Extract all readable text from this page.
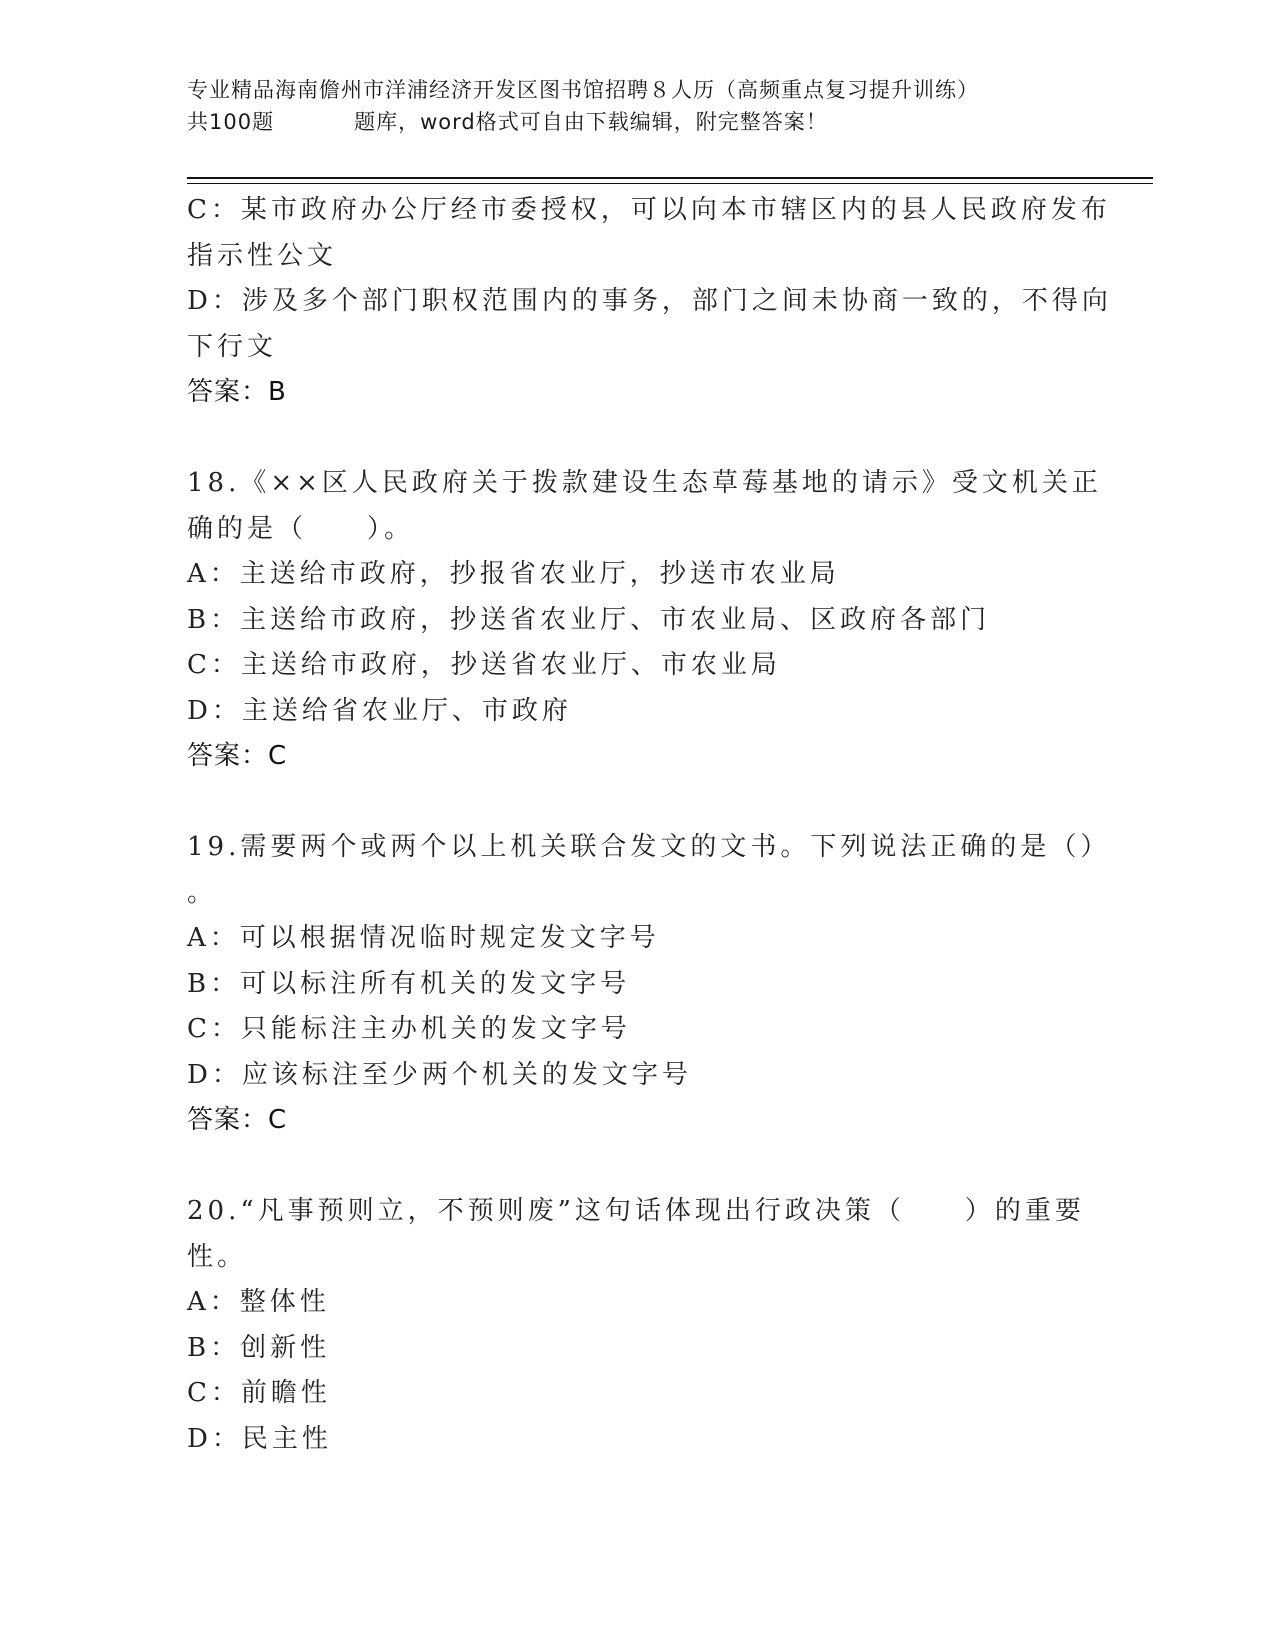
专业精品海南儋州市洋浦经济开发区图书馆招聘８人历（高频重点复习提升训练）
共100题	题库，word格式可自由下载编辑，附完整答案！
C：某市政府办公厅经市委授权，可以向本市辖区内的县人民政府发布
指示性公文
D：涉及多个部门职权范围内的事务，部门之间未协商一致的，不得向
下行文
答案：B
18.《××区人民政府关于拨款建设生态草莓基地的请示》受文机关正
确的是（　　）。
A：主送给市政府，抄报省农业厅，抄送市农业局
B：主送给市政府，抄送省农业厅、市农业局、区政府各部门
C：主送给市政府，抄送省农业厅、市农业局
D：主送给省农业厅、市政府
答案：C
19.需要两个或两个以上机关联合发文的文书。下列说法正确的是（）
。
A：可以根据情况临时规定发文字号
B：可以标注所有机关的发文字号
C：只能标注主办机关的发文字号
D：应该标注至少两个机关的发文字号
答案：C
20.“凡事预则立，不预则废”这句话体现出行政决策（　　）的重要
性。
A：整体性
B：创新性
C：前瞻性
D：民主性
